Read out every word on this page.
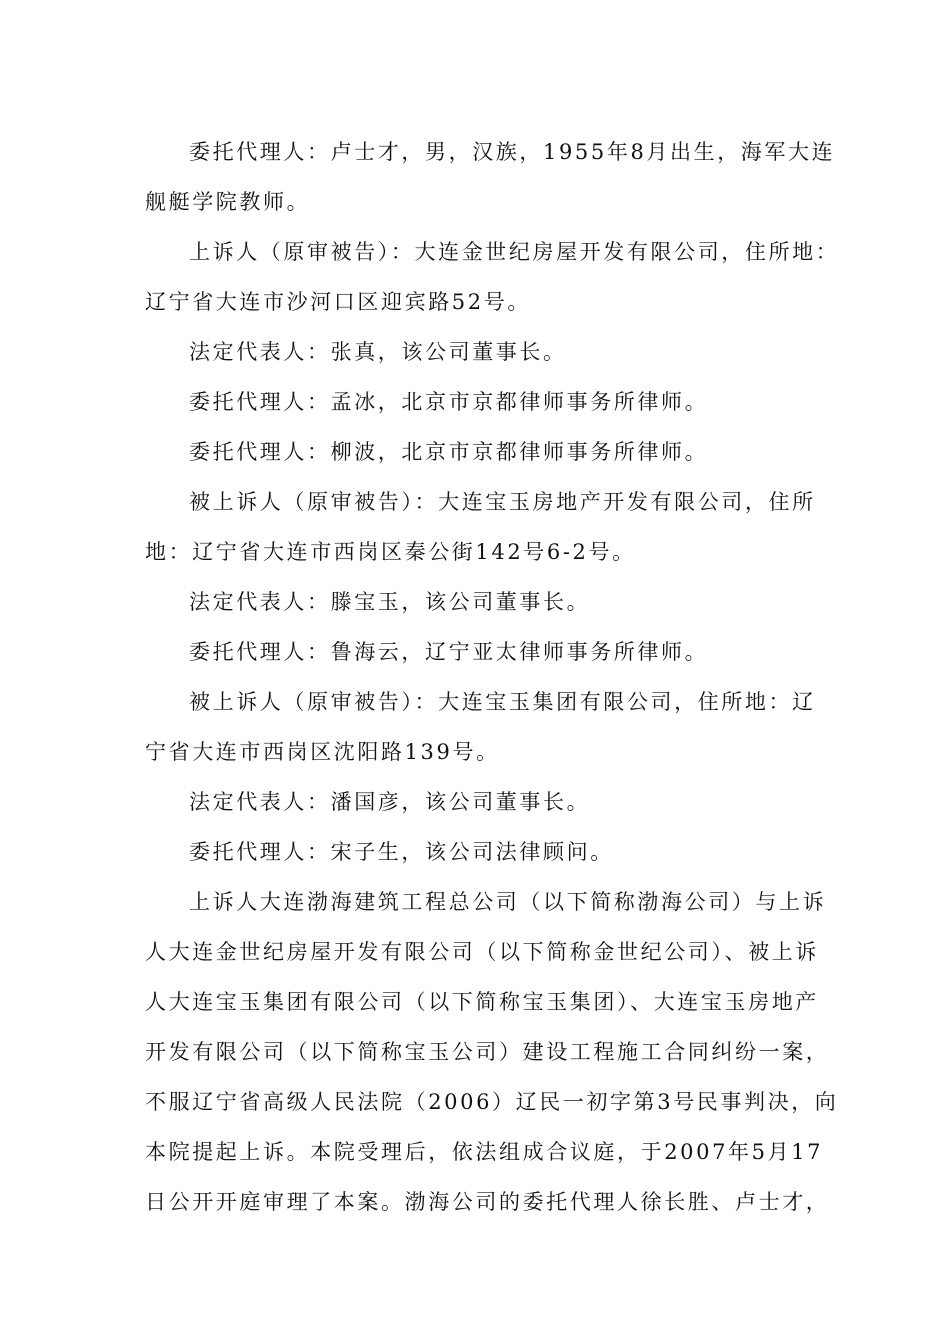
委托代理人：卢士才，男，汉族，1955年8月出生，海军大连
舰艇学院教师。
上诉人（原审被告）：大连金世纪房屋开发有限公司，住所地：
辽宁省大连市沙河口区迎宾路52号。
法定代表人：张真，该公司董事长。
委托代理人：孟冰，北京市京都律师事务所律师。
委托代理人：柳波，北京市京都律师事务所律师。
被上诉人（原审被告）：大连宝玉房地产开发有限公司，住所
地：辽宁省大连市西岗区秦公街142号6-2号。
法定代表人：滕宝玉，该公司董事长。
委托代理人：鲁海云，辽宁亚太律师事务所律师。
被上诉人（原审被告）：大连宝玉集团有限公司，住所地：辽
宁省大连市西岗区沈阳路139号。
法定代表人：潘国彦，该公司董事长。
委托代理人：宋子生，该公司法律顾问。
上诉人大连渤海建筑工程总公司（以下简称渤海公司）与上诉
人大连金世纪房屋开发有限公司（以下简称金世纪公司）、被上诉
人大连宝玉集团有限公司（以下简称宝玉集团）、大连宝玉房地产
开发有限公司（以下简称宝玉公司）建设工程施工合同纠纷一案，
不服辽宁省高级人民法院（2006）辽民一初字第3号民事判决，向
本院提起上诉。本院受理后，依法组成合议庭，于2007年5月17
日公开开庭审理了本案。渤海公司的委托代理人徐长胜、卢士才，
